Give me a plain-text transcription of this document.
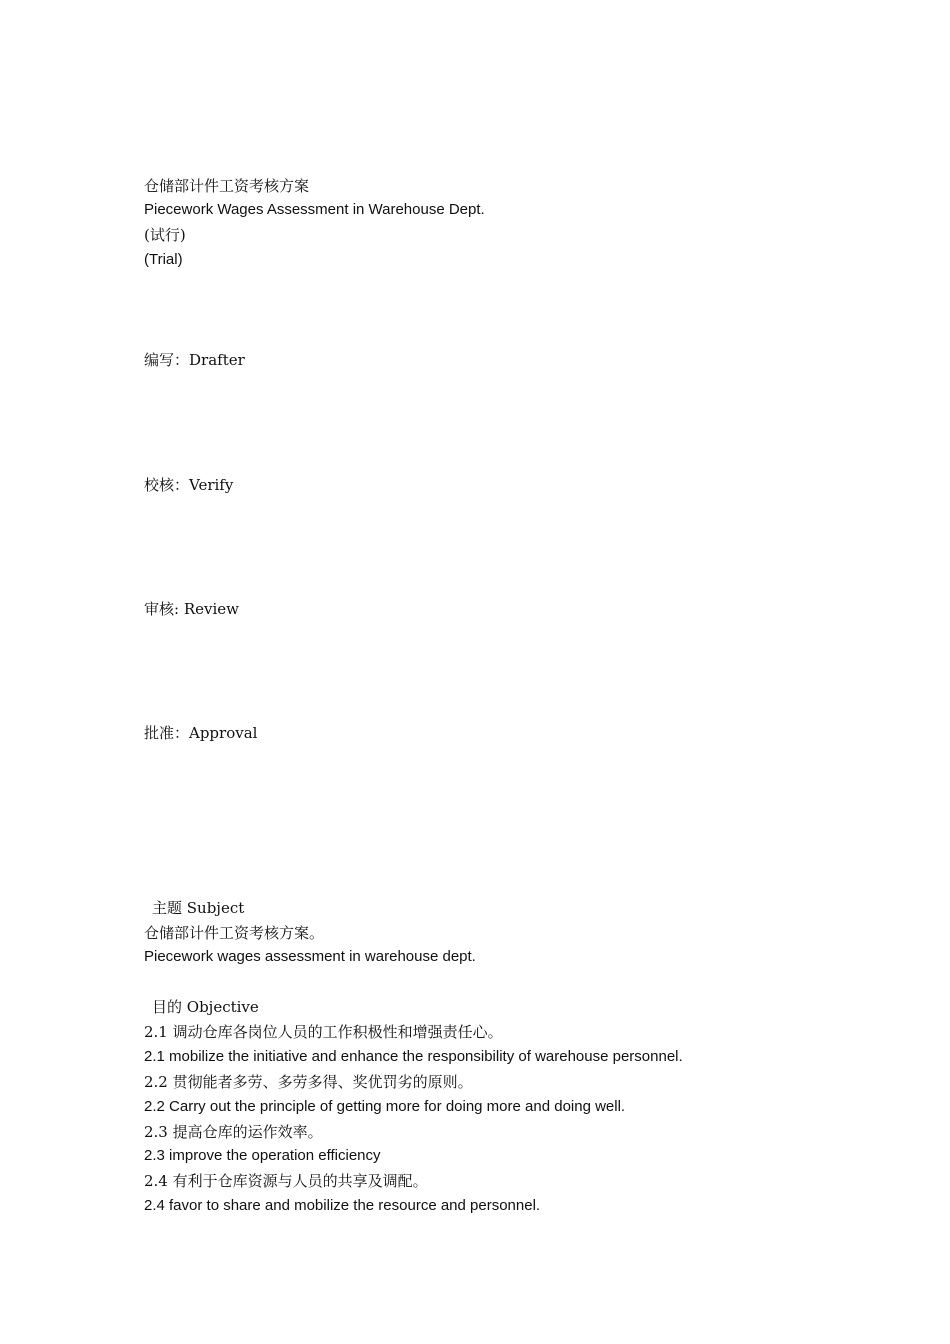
仓储部计件工资考核方案
Piecework Wages Assessment in Warehouse Dept.
(试行)
(Trial)
编写：Drafter
校核：Verify
审核: Review
批准：Approval
主题 Subject
仓储部计件工资考核方案。
Piecework wages assessment in warehouse dept.
目的 Objective
2.1 调动仓库各岗位人员的工作积极性和增强责任心。
2.1 mobilize the initiative and enhance the responsibility of warehouse personnel.
2.2 贯彻能者多劳、多劳多得、奖优罚劣的原则。
2.2 Carry out the principle of getting more for doing more and doing well.
2.3 提高仓库的运作效率。
2.3 improve the operation efficiency
2.4 有利于仓库资源与人员的共享及调配。
2.4 favor to share and mobilize the resource and personnel.
